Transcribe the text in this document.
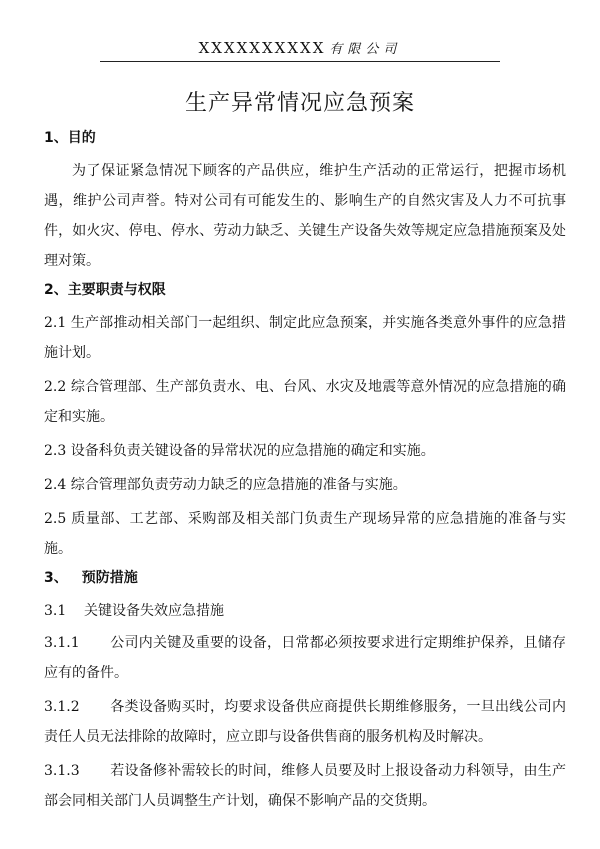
XXXXXXXXXX 有限公司
生产异常情况应急预案
1、目的

为了保证紧急情况下顾客的产品供应，维护生产活动的正常运行，把握市场机遇，维护公司声誉。特对公司有可能发生的、影响生产的自然灾害及人力不可抗事件，如火灾、停电、停水、劳动力缺乏、关键生产设备失效等规定应急措施预案及处理对策。

2、主要职责与权限

2.1 生产部推动相关部门一起组织、制定此应急预案，并实施各类意外事件的应急措施计划。

2.2 综合管理部、生产部负责水、电、台风、水灾及地震等意外情况的应急措施的确定和实施。

2.3 设备科负责关键设备的异常状况的应急措施的确定和实施。

2.4 综合管理部负责劳动力缺乏的应急措施的准备与实施。

2.5 质量部、工艺部、采购部及相关部门负责生产现场异常的应急措施的准备与实施。

3、 预防措施
3.1 关键设备失效应急措施

3.1.1 公司内关键及重要的设备，日常都必须按要求进行定期维护保养，且储存应有的备件。

3.1.2 各类设备购买时，均要求设备供应商提供长期维修服务，一旦出线公司内责任人员无法排除的故障时，应立即与设备供售商的服务机构及时解决。

3.1.3 若设备修补需较长的时间，维修人员要及时上报设备动力科领导，由生产部会同相关部门人员调整生产计划，确保不影响产品的交货期。
